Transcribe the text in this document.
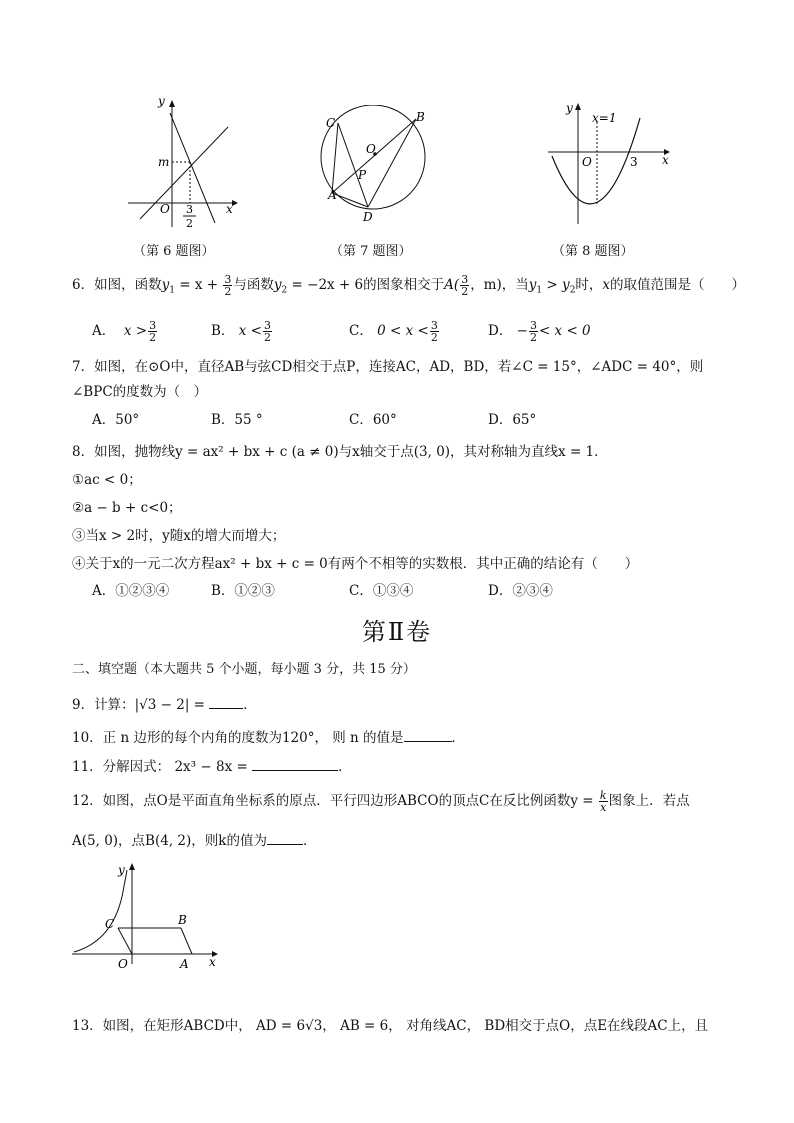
y
x
m
O 3
2
（第 6 题图）
C	B
O
P
A
D
（第 7 题图）
y
x
x=1
O	3
（第 8 题图）
6．如图，函数$y_1 = x + \frac{3}{2}$ 与函数$y_2 = -2x + 6$的图象相交于$A( \frac{3}{2}$ ，m)，当$y_1 > y_2$时，x的取值范围是（　　）
A． $x > \frac{3}{2}$	B． $x < \frac{3}{2}$	C． $0 < x < \frac{3}{2}$	D． − $\frac{3}{2} < x < 0$
7．如图，在⊙O中，直径AB与弦CD相交于点P，连接AC，AD，BD，若∠C = 15°，∠ADC = 40°，则
∠BPC的度数为（　）
A．50°	B．55 °	C．60°	D．65°
8．如图，抛物线y = ax² + bx + c (a ≠ 0)与x轴交于点(3, 0)，其对称轴为直线x = 1．
①ac < 0；
②a − b + c<0；
③当x > 2时，y随x的增大而增大；
④关于x的一元二次方程ax² + bx + c = 0有两个不相等的实数根．其中正确的结论有（　　）
A．①②③④	B．①②③	C．①③④	D．②③④
第Ⅱ卷
二、填空题（本大题共 5 个小题，每小题 3 分，共 15 分）
9．计算：|√3 − 2| =	．
10．正 n 边形的每个内角的度数为120°， 则 n 的值是	．
11．分解因式： 2x³ − 8x =	．
12．如图，点O是平面直角坐标系的原点．平行四边形ABCO的顶点C在反比例函数$y = \frac{k}{x}$ 图象上．若点
A(5, 0)，点B(4, 2)，则k的值为	．
y
x
C	B
O	A
13．如图，在矩形ABCD中， AD = 6√3， AB = 6， 对角线AC， BD相交于点O，点E在线段AC上，且
